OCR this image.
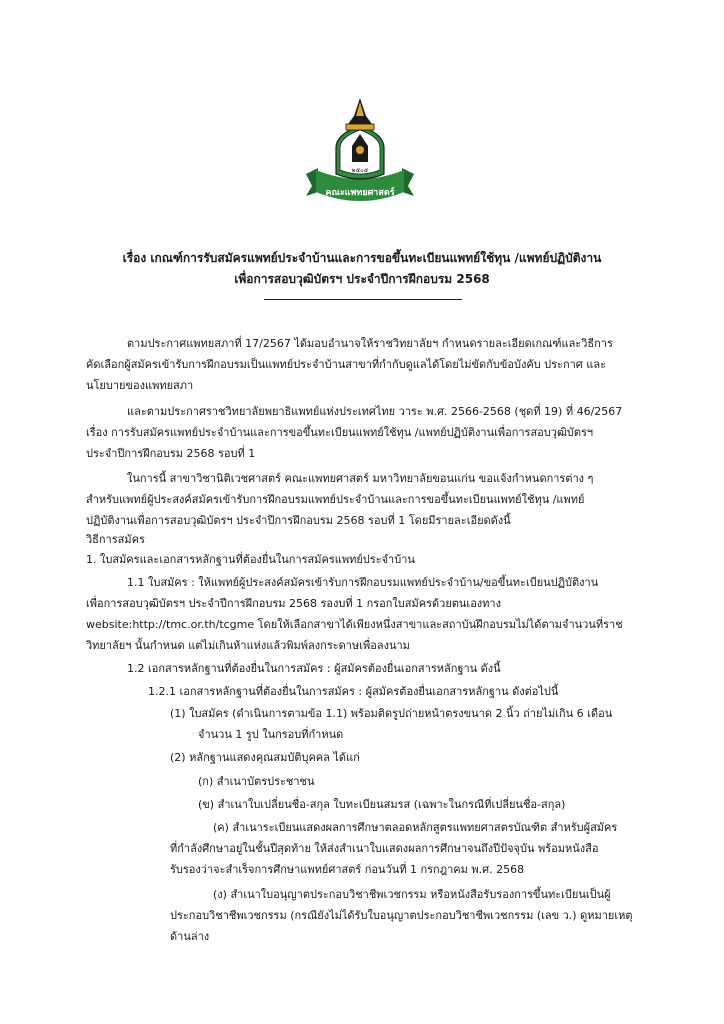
คณะแพทยศาสตร์
๒๕๐๕
เรื่อง เกณฑ์การรับสมัครแพทย์ประจำบ้านและการขอขึ้นทะเบียนแพทย์ใช้ทุน /แพทย์ปฏิบัติงาน
เพื่อการสอบวุฒิบัตรฯ ประจำปีการฝึกอบรม 2568
ตามประกาศแพทยสภาที่ 17/2567 ได้มอบอำนาจให้ราชวิทยาลัยฯ กำหนดรายละเอียดเกณฑ์และวิธีการ
คัดเลือกผู้สมัครเข้ารับการฝึกอบรมเป็นแพทย์ประจำบ้านสาขาที่กำกับดูแลได้โดยไม่ขัดกับข้อบังคับ ประกาศ และ
นโยบายของแพทยสภา
และตามประกาศราชวิทยาลัยพยาธิแพทย์แห่งประเทศไทย วาระ พ.ศ. 2566-2568 (ชุดที่ 19) ที่ 46/2567
เรื่อง การรับสมัครแพทย์ประจำบ้านและการขอขึ้นทะเบียนแพทย์ใช้ทุน /แพทย์ปฏิบัติงานเพื่อการสอบวุฒิบัตรฯ
ประจำปีการฝึกอบรม 2568 รอบที่ 1
ในการนี้ สาขาวิชานิติเวชศาสตร์ คณะแพทยศาสตร์ มหาวิทยาลัยขอนแก่น ขอแจ้งกำหนดการต่าง ๆ
สำหรับแพทย์ผู้ประสงค์สมัครเข้ารับการฝึกอบรมแพทย์ประจำบ้านและการขอขึ้นทะเบียนแพทย์ใช้ทุน /แพทย์
ปฏิบัติงานเพื่อการสอบวุฒิบัตรฯ ประจำปีการฝึกอบรม 2568 รอบที่ 1 โดยมีรายละเอียดดังนี้
วิธีการสมัคร
1. ใบสมัครและเอกสารหลักฐานที่ต้องยื่นในการสมัครแพทย์ประจำบ้าน
1.1 ใบสมัคร : ให้แพทย์ผู้ประสงค์สมัครเข้ารับการฝึกอบรมแพทย์ประจำบ้าน/ขอขึ้นทะเบียนปฏิบัติงาน
เพื่อการสอบวุฒิบัตรฯ ประจำปีการฝึกอบรม 2568 รองบที่ 1 กรอกใบสมัครด้วยตนเองทาง
website:http://tmc.or.th/tcgme โดยให้เลือกสาขาได้เพียงหนึ่งสาขาและสถาบันฝึกอบรมไม่ได้ตามจำนวนที่ราช
วิทยาลัยฯ นั้นกำหนด แต่ไม่เกินห้าแห่งแล้วพิมพ์ลงกระดาษเพื่อลงนาม
1.2 เอกสารหลักฐานที่ต้องยื่นในการสมัคร : ผู้สมัครต้องยื่นเอกสารหลักฐาน ดังนี้
1.2.1 เอกสารหลักฐานที่ต้องยื่นในการสมัคร : ผู้สมัครต้องยื่นเอกสารหลักฐาน ดังต่อไปนี้
(1) ใบสมัคร (ดำเนินการตามข้อ 1.1) พร้อมติดรูปถ่ายหน้าตรงขนาด 2 นิ้ว ถ่ายไม่เกิน 6 เดือน
จำนวน 1 รูป ในกรอบที่กำหนด
(2) หลักฐานแสดงคุณสมบัติบุคคล ได้แก่
(ก) สำเนาบัตรประชาชน
(ข) สำเนาใบเปลี่ยนชื่อ-สกุล ใบทะเบียนสมรส (เฉพาะในกรณีที่เปลี่ยนชื่อ-สกุล)
(ค) สำเนาระเบียนแสดงผลการศึกษาตลอดหลักสูตรแพทยศาสตรบัณฑิต สำหรับผู้สมัคร
ที่กำลังศึกษาอยู่ในชั้นปีสุดท้าย ให้ส่งสำเนาใบแสดงผลการศึกษาจนถึงปีปัจจุบัน พร้อมหนังสือ
รับรองว่าจะสำเร็จการศึกษาแพทย์ศาสตร์ ก่อนวันที่ 1 กรกฎาคม พ.ศ. 2568
(ง) สำเนาใบอนุญาตประกอบวิชาชีพเวชกรรม หรือหนังสือรับรองการขึ้นทะเบียนเป็นผู้
ประกอบวิชาชีพเวชกรรม (กรณียังไม่ได้รับใบอนุญาตประกอบวิชาชีพเวชกรรม (เลข ว.) ดูหมายเหตุ
ด้านล่าง
